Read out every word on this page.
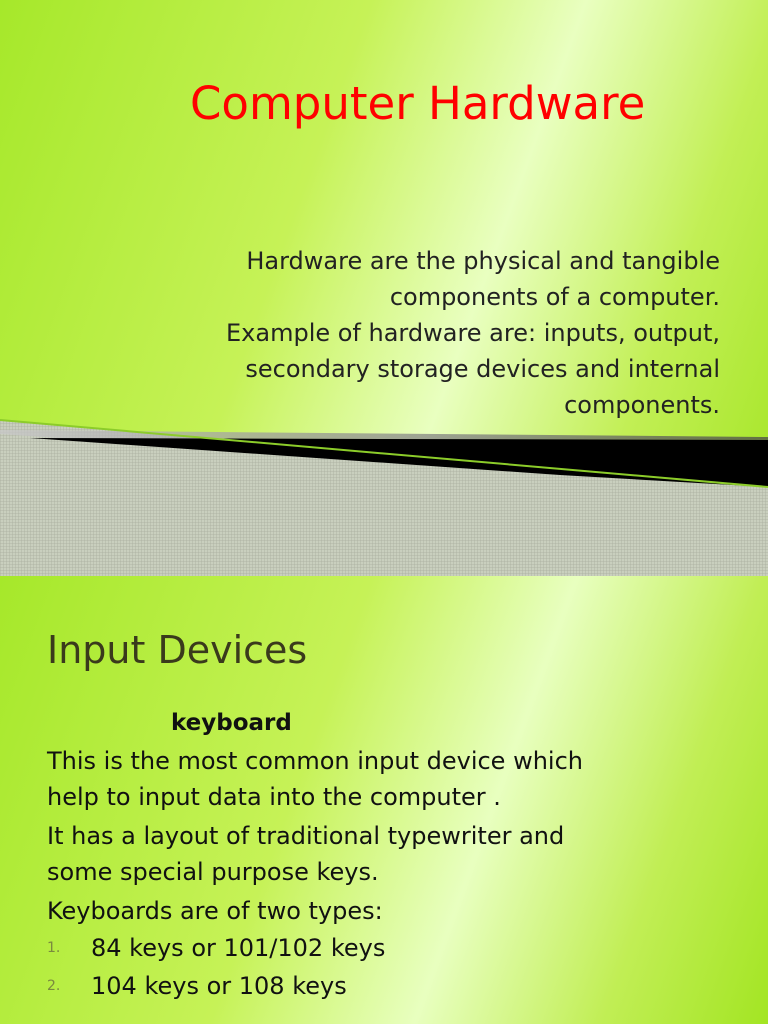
Computer Hardware

Hardware are the physical and tangible
components of a computer.

Example of hardware are: inputs, output,
secondary storage devices and internal
components.

Input Devices
keyboard

This is the most common input device which
help to input data into the computer .

It has a layout of traditional typewriter and
some special purpose keys.

Keyboards are of two types:

1. 84 keys or 101/102 keys
2. 104 keys or 108 keys
